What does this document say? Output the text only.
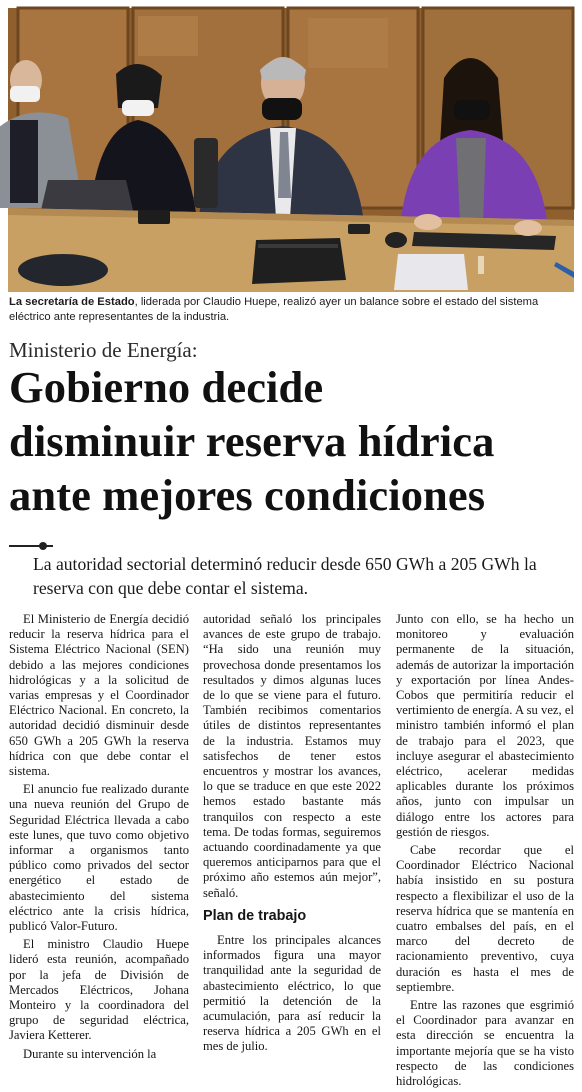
La secretaría de Estado, liderada por Claudio Huepe, realizó ayer un balance sobre el estado del sistema eléctrico ante representantes de la industria.
Ministerio de Energía:
Gobierno decide
disminuir reserva hídrica
ante mejores condiciones
La autoridad sectorial determinó reducir desde 650 GWh a 205 GWh la reserva con que debe contar el sistema.

El Ministerio de Energía decidió reducir la reserva hídrica para el Sistema Eléctrico Nacional (SEN) debido a las mejores condiciones hidrológicas y a la solicitud de varias empresas y el Coordinador Eléctrico Nacional. En concreto, la autoridad decidió disminuir desde 650 GWh a 205 GWh la reserva hídrica con que debe contar el sistema.

El anuncio fue realizado durante una nueva reunión del Grupo de Seguridad Eléctrica llevada a cabo este lunes, que tuvo como objetivo informar a organismos tanto público como privados del sector energético el estado de abastecimiento del sistema eléctrico ante la crisis hídrica, publicó Valor-Futuro.

El ministro Claudio Huepe lideró esta reunión, acompañado por la jefa de División de Mercados Eléctricos, Johana Monteiro y la coordinadora del grupo de seguridad eléctrica, Javiera Ketterer.

Durante su intervención la

autoridad señaló los principales avances de este grupo de trabajo. “Ha sido una reunión muy provechosa donde presentamos los resultados y dimos algunas luces de lo que se viene para el futuro. También recibimos comentarios útiles de distintos representantes de la industria. Estamos muy satisfechos de tener estos encuentros y mostrar los avances, lo que se traduce en que este 2022 hemos estado bastante más tranquilos con respecto a este tema. De todas formas, seguiremos actuando coordinadamente ya que queremos anticiparnos para que el próximo año estemos aún mejor”, señaló.

Plan de trabajo

Entre los principales alcances informados figura una mayor tranquilidad ante la seguridad de abastecimiento eléctrico, lo que permitió la detención de la acumulación, para así reducir la reserva hídrica a 205 GWh en el mes de julio.

Junto con ello, se ha hecho un monitoreo y evaluación permanente de la situación, además de autorizar la importación y exportación por línea Andes-Cobos que permitiría reducir el vertimiento de energía. A su vez, el ministro también informó el plan de trabajo para el 2023, que incluye asegurar el abastecimiento eléctrico, acelerar medidas aplicables durante los próximos años, junto con impulsar un diálogo entre los actores para gestión de riesgos.

Cabe recordar que el Coordinador Eléctrico Nacional había insistido en su postura respecto a flexibilizar el uso de la reserva hídrica que se mantenía en cuatro embalses del país, en el marco del decreto de racionamiento preventivo, cuya duración es hasta el mes de septiembre.

Entre las razones que esgrimió el Coordinador para avanzar en esta dirección se encuentra la importante mejoría que se ha visto respecto de las condiciones hidrológicas.
